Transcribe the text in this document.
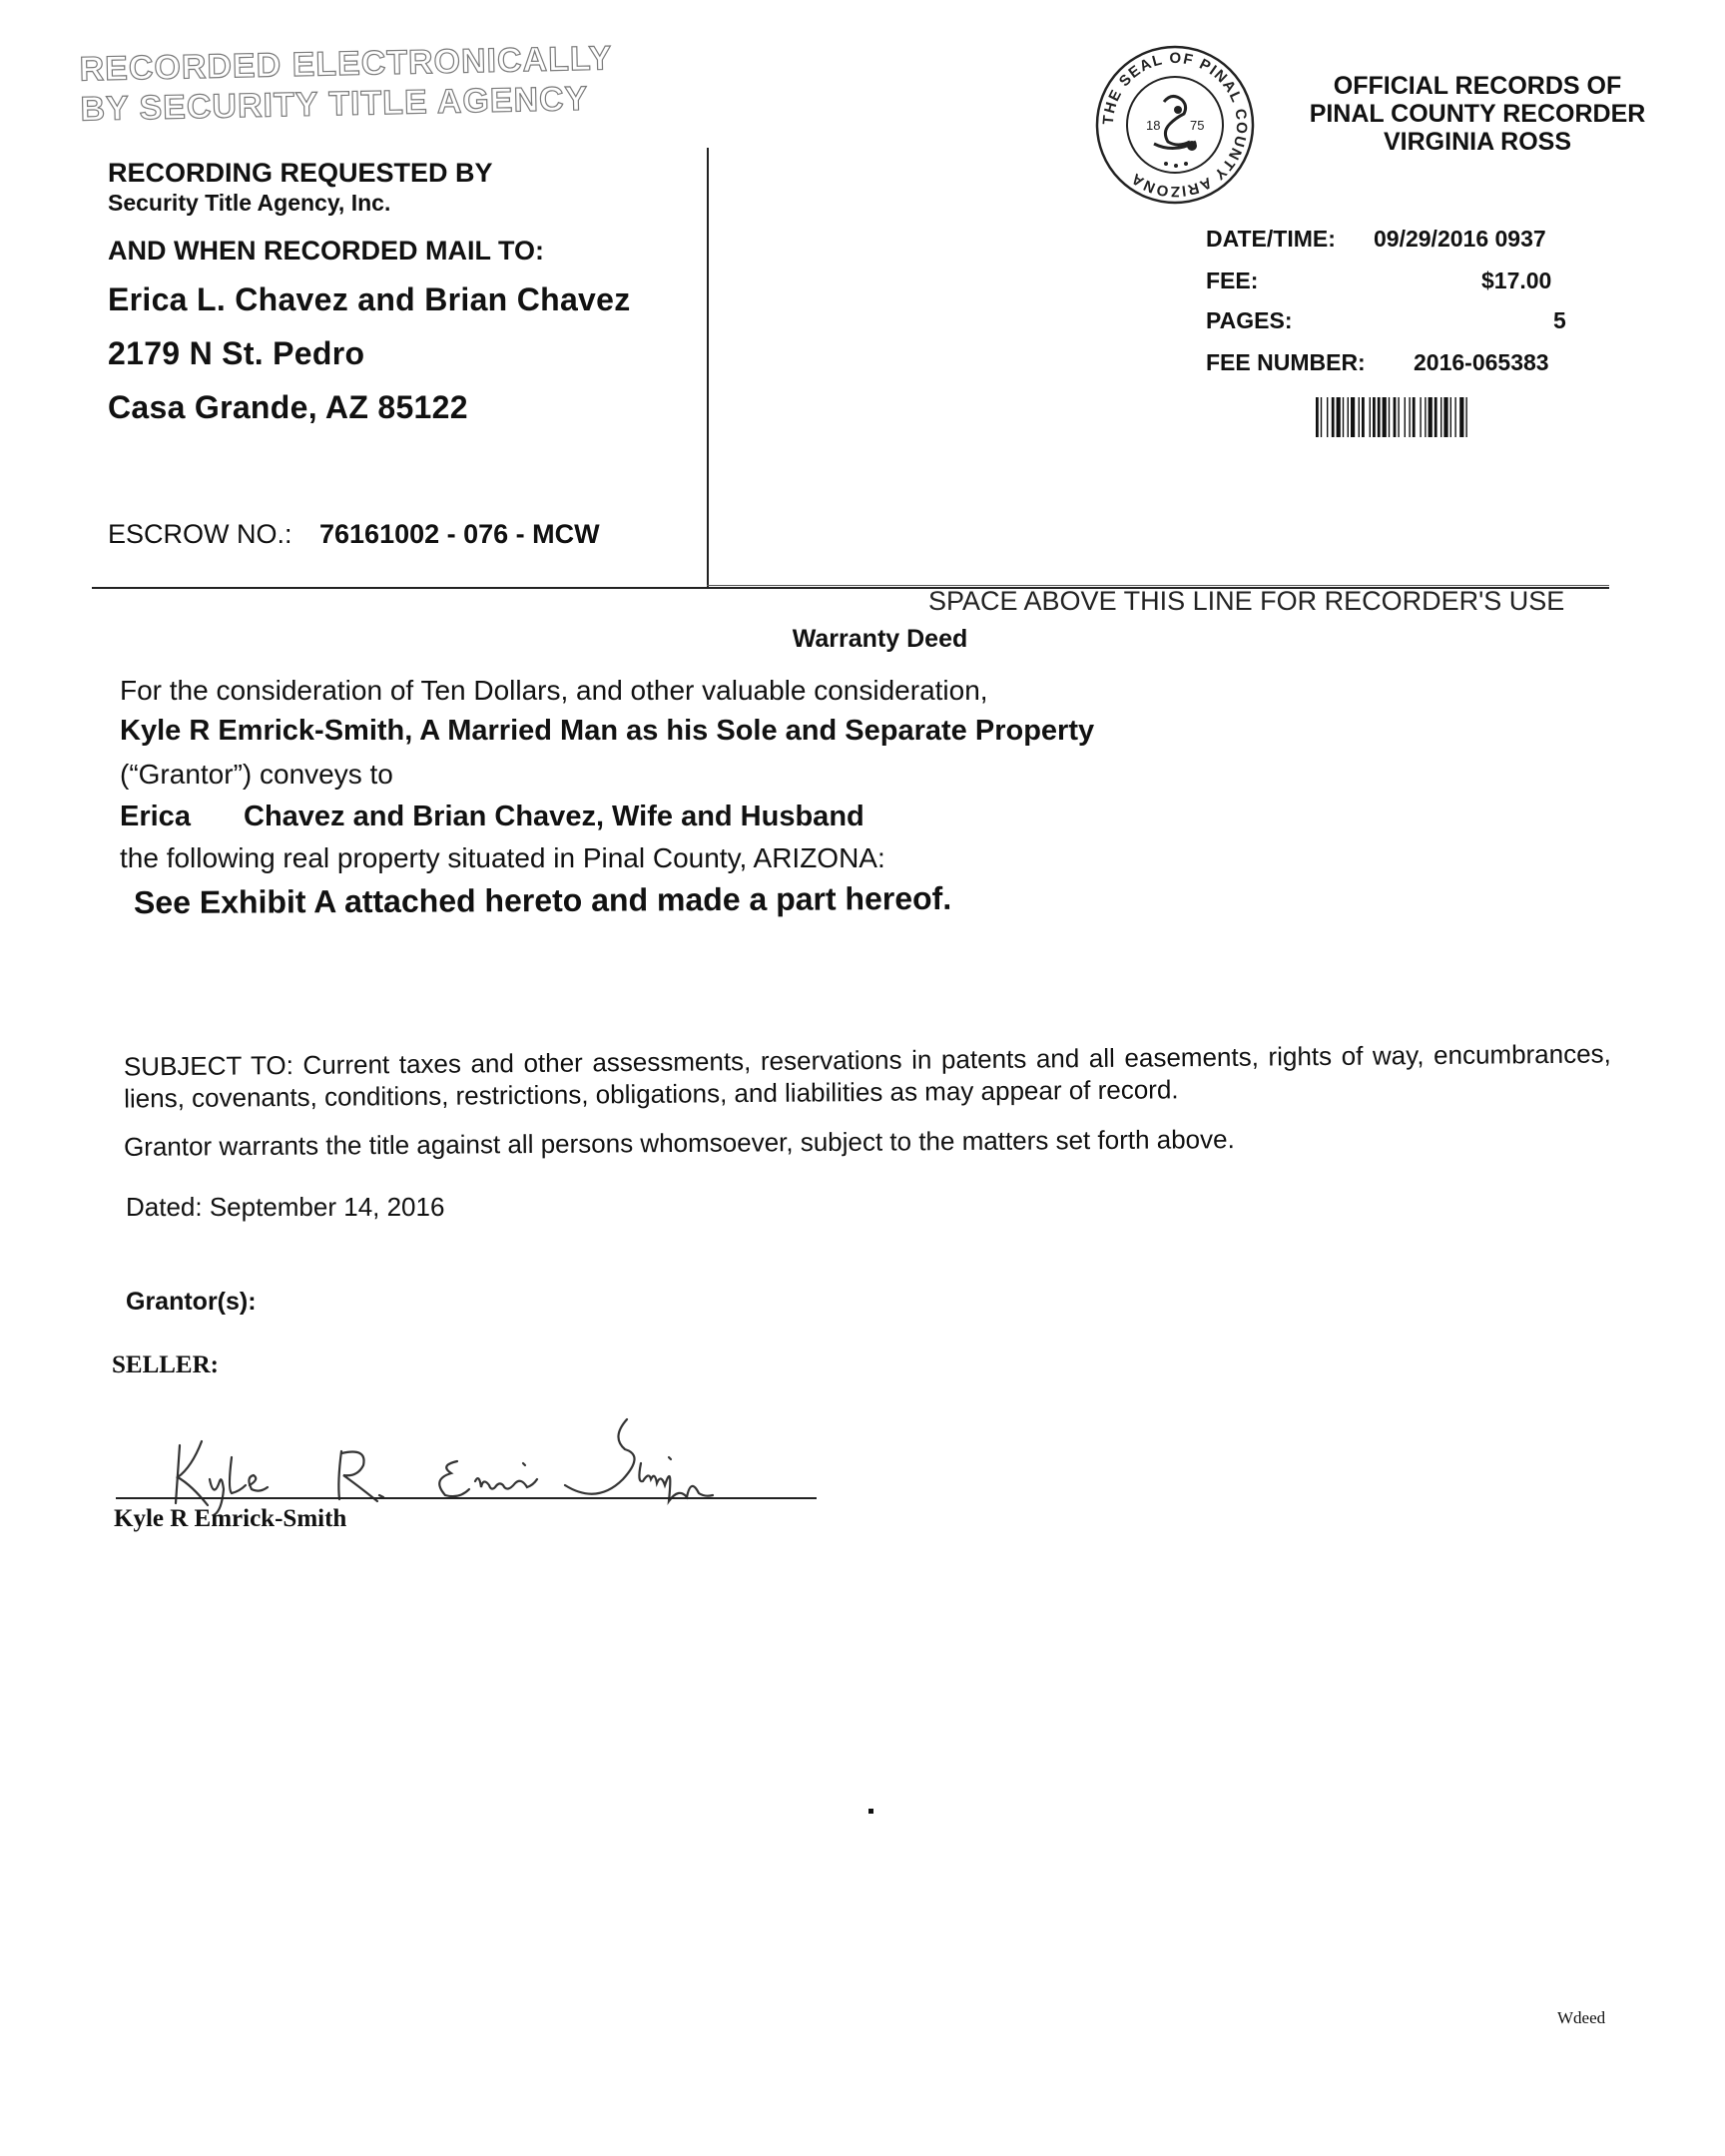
RECORDED ELECTRONICALLY
BY SECURITY TITLE AGENCY
RECORDING REQUESTED BY
Security Title Agency, Inc.
AND WHEN RECORDED MAIL TO:
Erica L. Chavez and Brian Chavez
2179 N St. Pedro
Casa Grande, AZ 85122
ESCROW NO.: 76161002 - 076 - MCW
THE SEAL OF PINAL COUNTY ARIZONA
18 75
OFFICIAL RECORDS OF
PINAL COUNTY RECORDER
VIRGINIA ROSS
DATE/TIME: 09/29/2016 0937
FEE:	$17.00
PAGES:	5
FEE NUMBER: 2016-065383
SPACE ABOVE THIS LINE FOR RECORDER'S USE
Warranty Deed
For the consideration of Ten Dollars, and other valuable consideration,
Kyle R Emrick-Smith, A Married Man as his Sole and Separate Property
(“Grantor”) conveys to
Erica Chavez and Brian Chavez, Wife and Husband
the following real property situated in Pinal County, ARIZONA:
See Exhibit A attached hereto and made a part hereof.
SUBJECT TO: Current taxes and other assessments, reservations in patents and all easements, rights of way, encumbrances, liens, covenants, conditions, restrictions, obligations, and liabilities as may appear of record.
Grantor warrants the title against all persons whomsoever, subject to the matters set forth above.
Dated: September 14, 2016
Grantor(s):
SELLER:
Kyle R Emrick-Smith
Wdeed
